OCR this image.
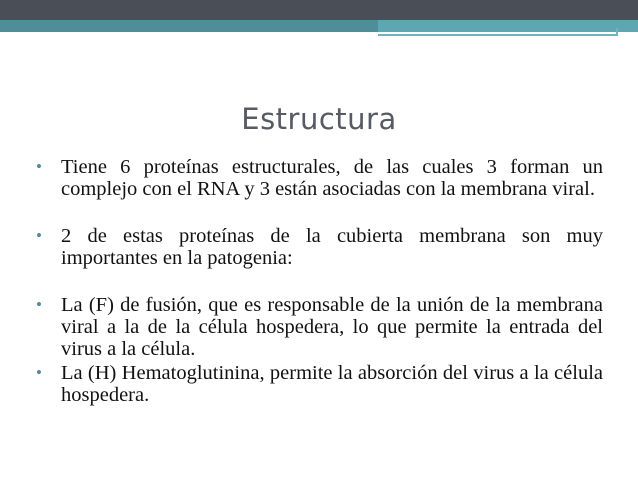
Estructura
• Tiene 6 proteínas estructurales, de las cuales 3 forman un complejo con el RNA y 3 están asociadas con la membrana viral.
• 2 de estas proteínas de la cubierta membrana son muy importantes en la patogenia:
• La (F) de fusión, que es responsable de la unión de la membrana viral a la de la célula hospedera, lo que permite la entrada del virus a la célula.
• La (H) Hematoglutinina, permite la absorción del virus a la célula hospedera.
